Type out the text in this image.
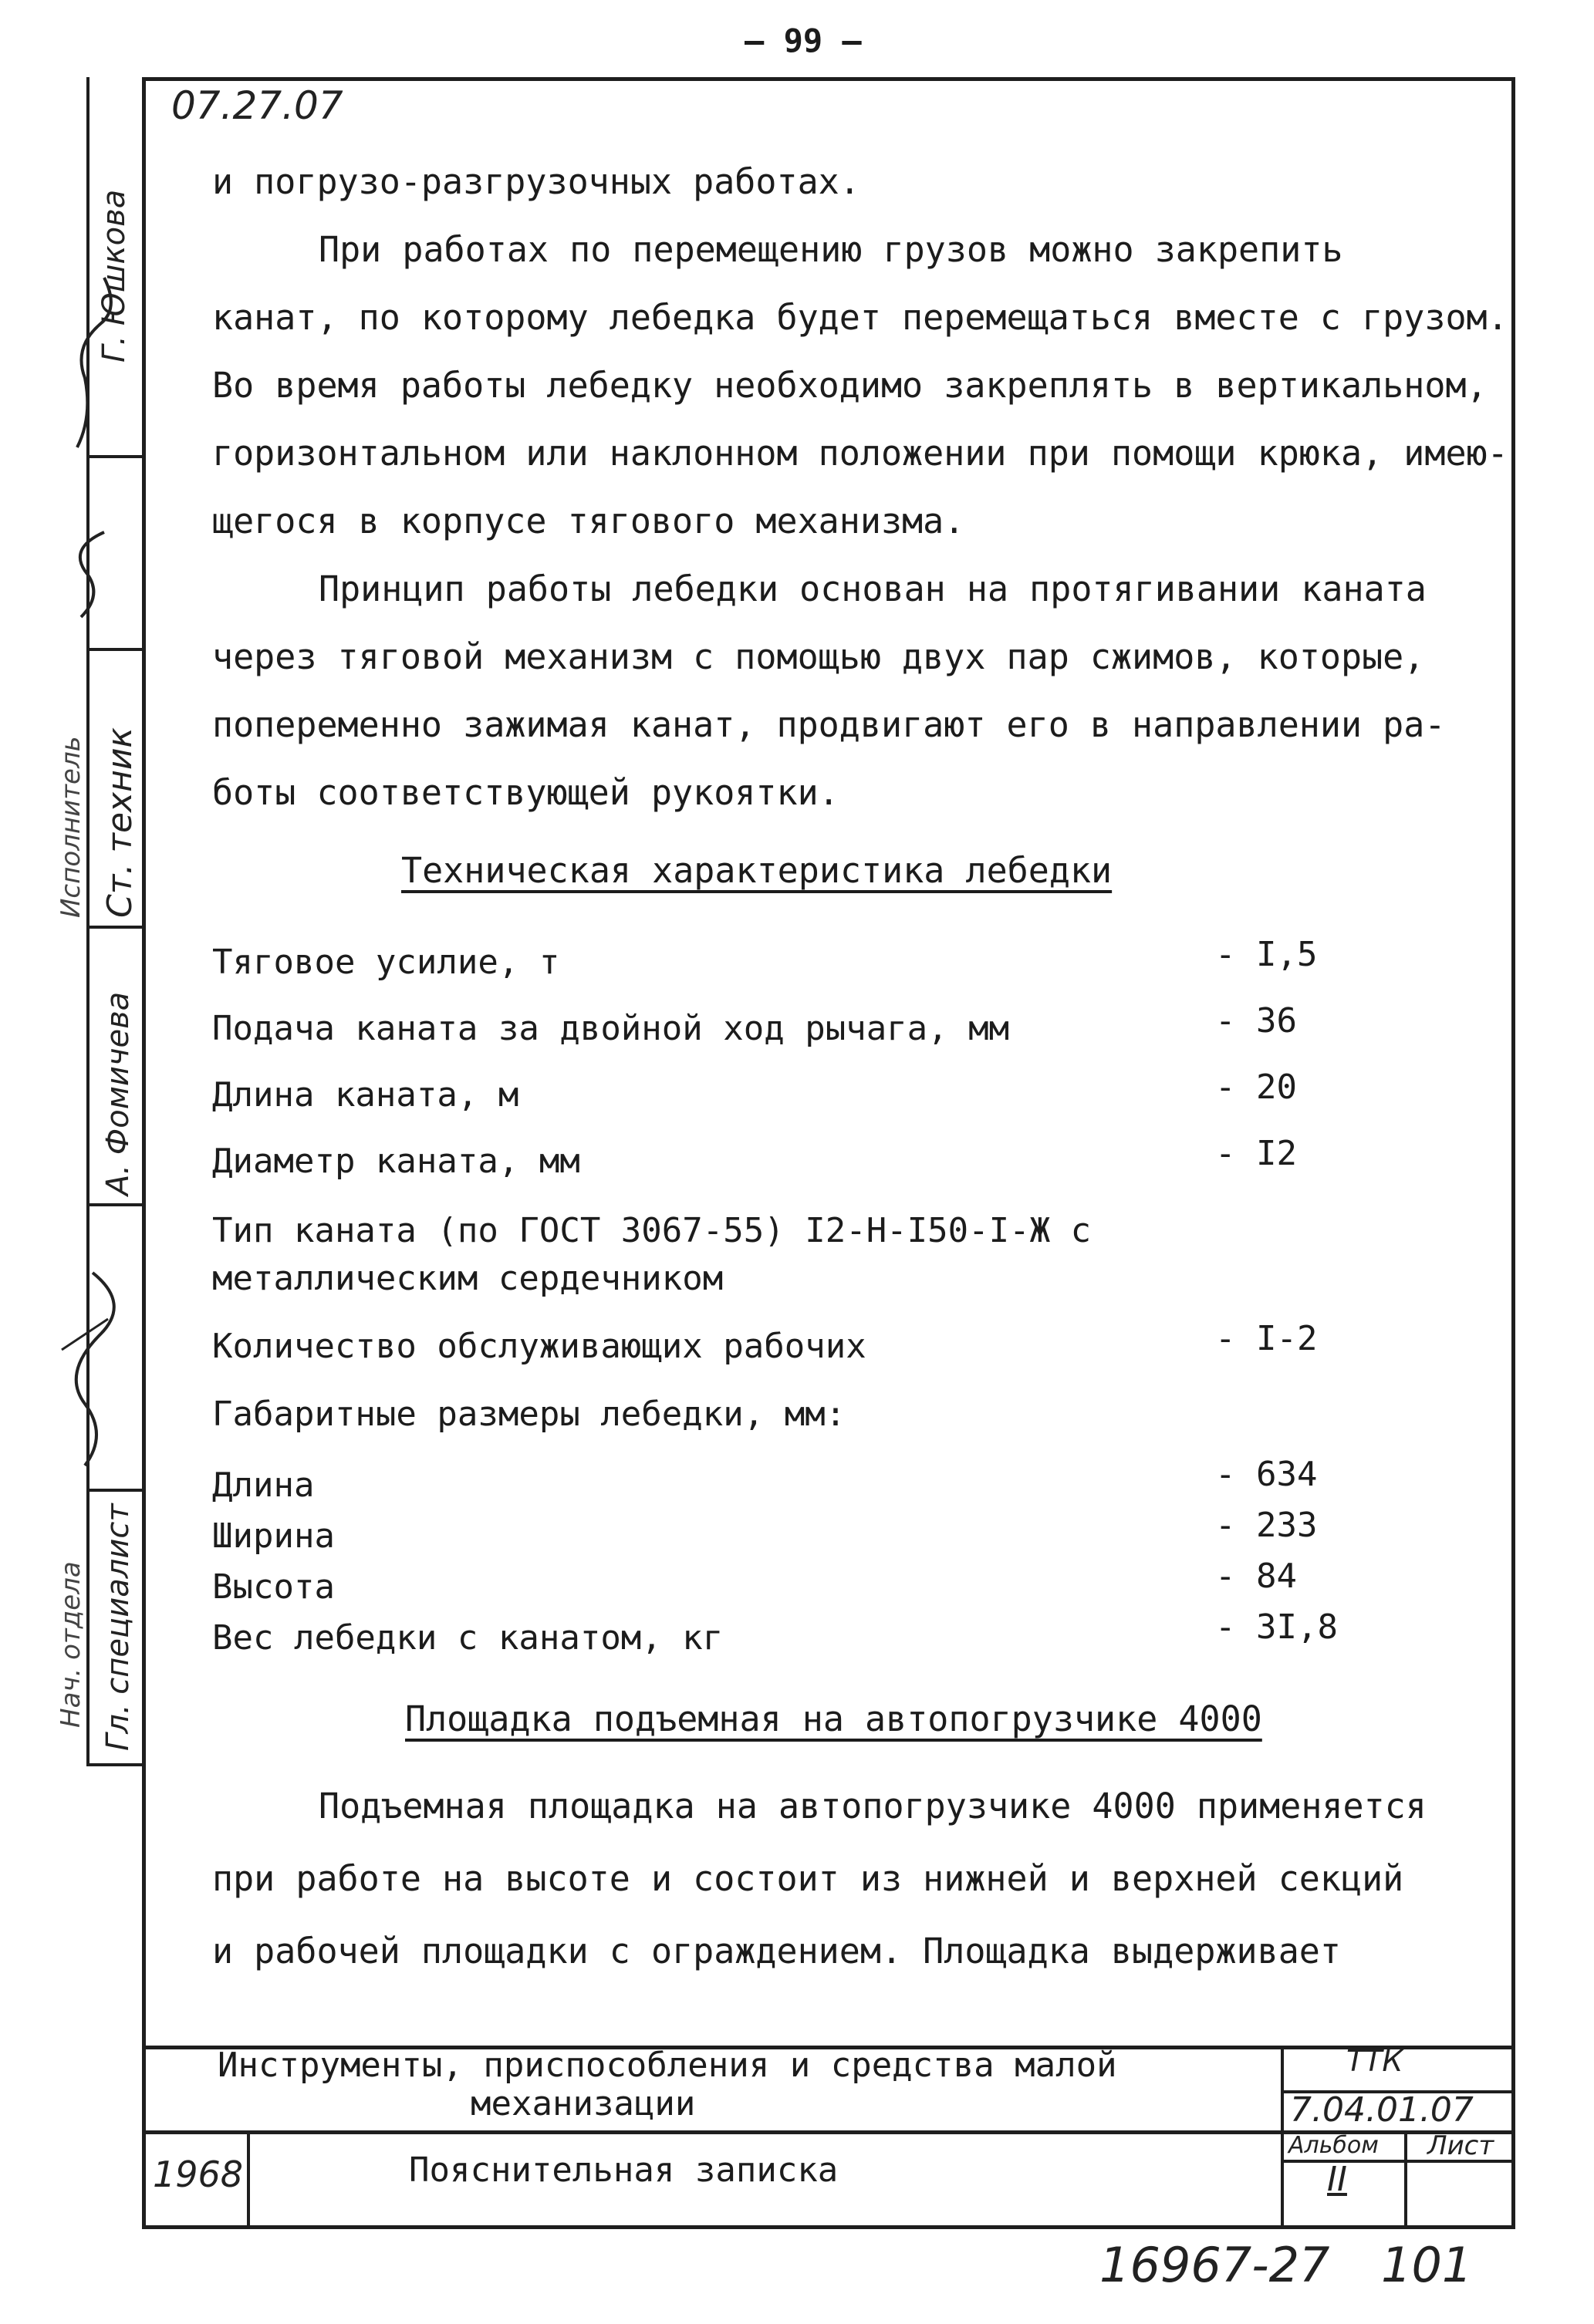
— 99 —
07.27.07
Г. Юшкова
Ст. техник
А. Фомичева
Гл. специалист
Нач. отдела
Исполнитель
и погрузо-разгрузочных работах.
При работах по перемещению грузов можно закрепить
канат, по которому лебедка будет перемещаться вместе с грузом.
Во время работы лебедку необходимо закреплять в вертикальном,
горизонтальном или наклонном положении при помощи крюка, имею-
щегося в корпусе тягового механизма.
Принцип работы лебедки основан на протягивании каната
через тяговой механизм с помощью двух пар сжимов, которые,
попеременно зажимая канат, продвигают его в направлении ра-
боты соответствующей рукоятки.
Техническая характеристика лебедки
Тяговое усилие, т	- I,5
Подача каната за двойной ход рычага, мм	- 36
Длина каната, м	- 20
Диаметр каната, мм	- I2
Тип каната (по ГОСТ 3067-55) I2-Н-I50-I-Ж с
металлическим сердечником
Количество обслуживающих рабочих	- I-2
Габаритные размеры лебедки, мм:
Длина	- 634
Ширина	- 233
Высота	- 84
Вес лебедки с канатом, кг	- 3I,8
Площадка подъемная на автопогрузчике 4000
Подъемная площадка на автопогрузчике 4000 применяется
при работе на высоте и состоит из нижней и верхней секций
и рабочей площадки с ограждением. Площадка выдерживает
Инструменты, приспособления и средства малой
механизации
ТТК
7.04.01.07
Альбом
II
Лист
1968	Пояснительная записка
16967-27 101
